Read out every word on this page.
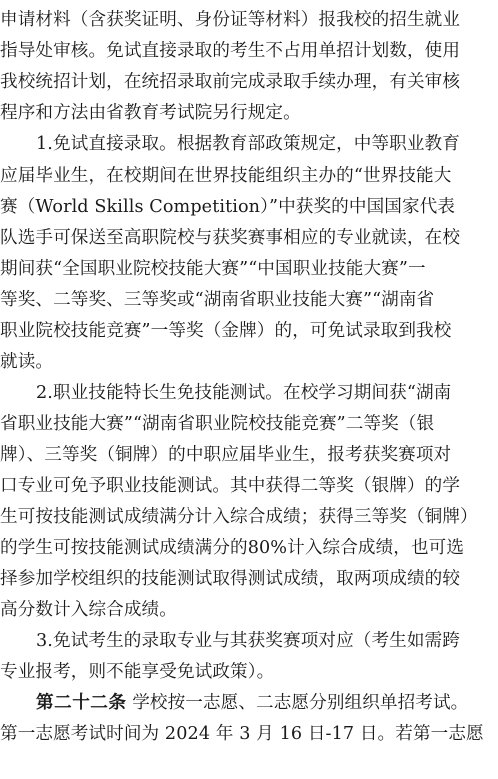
申请材料（含获奖证明、身份证等材料）报我校的招生就业
指导处审核。免试直接录取的考生不占用单招计划数，使用
我校统招计划，在统招录取前完成录取手续办理，有关审核
程序和方法由省教育考试院另行规定。
1.免试直接录取。根据教育部政策规定，中等职业教育
应届毕业生，在校期间在世界技能组织主办的“世界技能大
赛（World Skills Competition）”中获奖的中国国家代表
队选手可保送至高职院校与获奖赛事相应的专业就读，在校
期间获“全国职业院校技能大赛”“中国职业技能大赛”一
等奖、二等奖、三等奖或“湖南省职业技能大赛”“湖南省
职业院校技能竞赛”一等奖（金牌）的，可免试录取到我校
就读。
2.职业技能特长生免技能测试。在校学习期间获“湖南
省职业技能大赛”“湖南省职业院校技能竞赛”二等奖（银
牌）、三等奖（铜牌）的中职应届毕业生，报考获奖赛项对
口专业可免予职业技能测试。其中获得二等奖（银牌）的学
生可按技能测试成绩满分计入综合成绩；获得三等奖（铜牌）
的学生可按技能测试成绩满分的80%计入综合成绩，也可选
择参加学校组织的技能测试取得测试成绩，取两项成绩的较
高分数计入综合成绩。
3.免试考生的录取专业与其获奖赛项对应（考生如需跨
专业报考，则不能享受免试政策）。
第二十二条 学校按一志愿、二志愿分别组织单招考试。
第一志愿考试时间为 2024 年 3 月 16 日-17 日。若第一志愿
